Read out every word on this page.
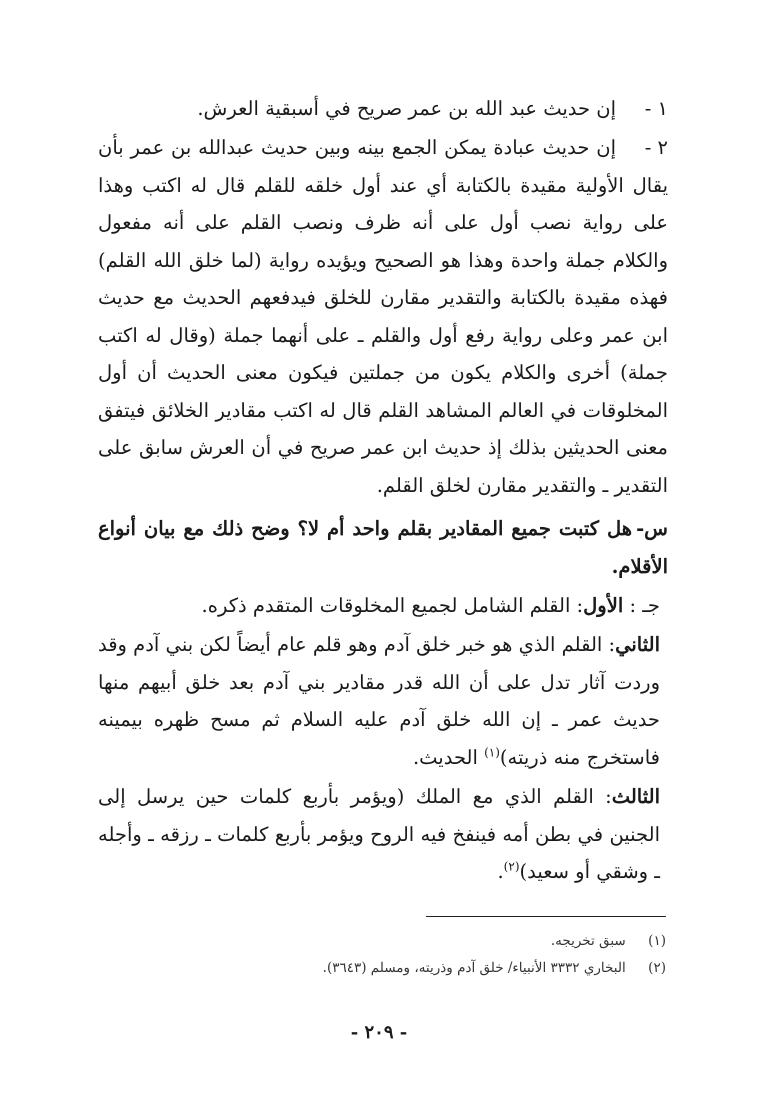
١ -
إن حديث عبد الله بن عمر صريح في أسبقية العرش.
٢ -
إن حديث عبادة يمكن الجمع بينه وبين حديث عبدالله بن عمر بأن يقال الأولية مقيدة بالكتابة أي عند أول خلقه للقلم قال له اكتب وهذا على رواية نصب أول على أنه ظرف ونصب القلم على أنه مفعول والكلام جملة واحدة وهذا هو الصحيح ويؤيده رواية (لما خلق الله القلم) فهذه مقيدة بالكتابة والتقدير مقارن للخلق فيدفعهم الحديث مع حديث ابن عمر وعلى رواية رفع أول والقلم ـ على أنهما جملة (وقال له اكتب جملة) أخرى والكلام يكون من جملتين فيكون معنى الحديث أن أول المخلوقات في العالم المشاهد القلم قال له اكتب مقادير الخلائق فيتفق معنى الحديثين بذلك إذ حديث ابن عمر صريح في أن العرش سابق على التقدير ـ والتقدير مقارن لخلق القلم.
س-
هل كتبت جميع المقادير بقلم واحد أم لا؟ وضح ذلك مع بيان أنواع الأقلام.
جـ : الأول: القلم الشامل لجميع المخلوقات المتقدم ذكره.
الثاني: القلم الذي هو خبر خلق آدم وهو قلم عام أيضاً لكن بني آدم وقد وردت آثار تدل على أن الله قدر مقادير بني آدم بعد خلق أبيهم منها حديث عمر ـ إن الله خلق آدم عليه السلام ثم مسح ظهره بيمينه فاستخرج منه ذريته)$^{(١)}$ الحديث.
الثالث: القلم الذي مع الملك (ويؤمر بأربع كلمات حين يرسل إلى الجنين في بطن أمه فينفخ فيه الروح ويؤمر بأربع كلمات ـ رزقه ـ وأجله ـ وشقي أو سعيد)$^{(٢)}$.
(١) سبق تخريجه.
(٢) البخاري ٣٣٣٢ الأنبياء/ خلق آدم وذريته، ومسلم (٣٦٤٣).
- ٢٠٩ -
